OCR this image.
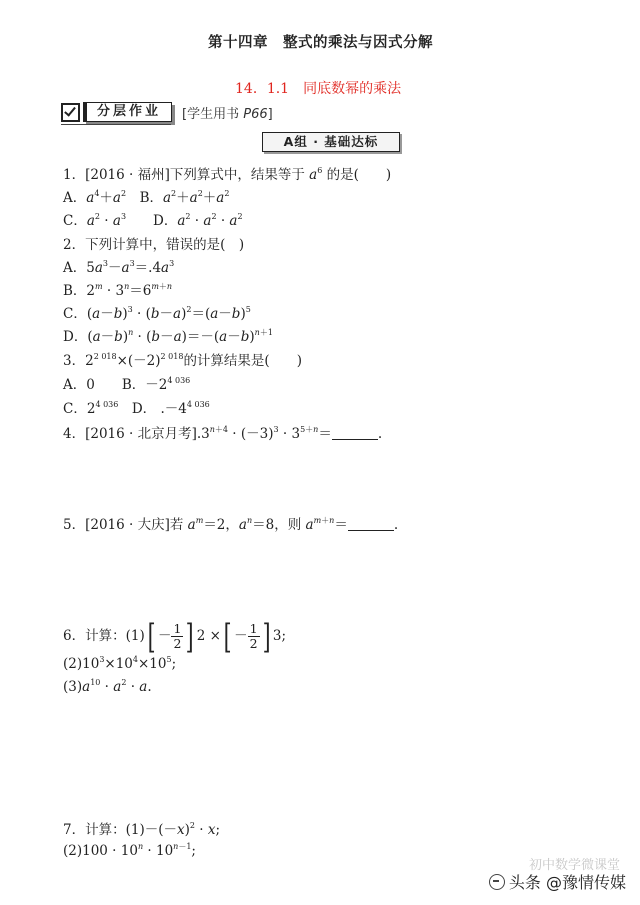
第十四章　整式的乘法与因式分解
14．1.1　同底数幂的乘法
分层作业	[学生用书 P66]
A组 · 基础达标
1．[2016 · 福州]下列算式中，结果等于 $a^6$ 的是(　　)
A．$a^4+a^2$　 B．$a^2+a^2+a^2$
C．$a^2 \cdot a^3$　　 D．$a^2 \cdot a^2 \cdot a^2$
2．下列计算中，错误的是(　)
A．$5a^3-a^3=.4a^3$
B．$2^m \cdot 3^n=6^{m+n}$
C．$(a-b)^3 \cdot (b-a)^2=(a-b)^5$
D．$(a-b)^n \cdot (b-a)=-(a-b)^{n+1}$
3．$2^{2 018}\times(-2)^{2 018}$的计算结果是(　　)
A．0　　 B．$-2^{4 036}$
C．$2^{4 036}$　 D． $.-4^{4 036}$
4．[2016 · 北京月考]$.3^{n+4} \cdot (-3)^3 \cdot 3^{5+n}=$	.
5．[2016 · 大庆]若 $a^m=2$，$a^n=8$，则 $a^{m+n}=$	.
6．计算：$(1)[ - \frac{1}{2}$ ] 2 ×[ － $\frac{1}{2}$ ] 3;
$(2)10^3\times 10^4\times 10^5$;
$(3)a^{10} \cdot a^2 \cdot a$.
7．计算：$(1)-(-x)^2 \cdot x$;
$(2)100 \cdot 10^n \cdot 10^{n-1}$;
初中数学微课堂
头条 @豫情传媒
